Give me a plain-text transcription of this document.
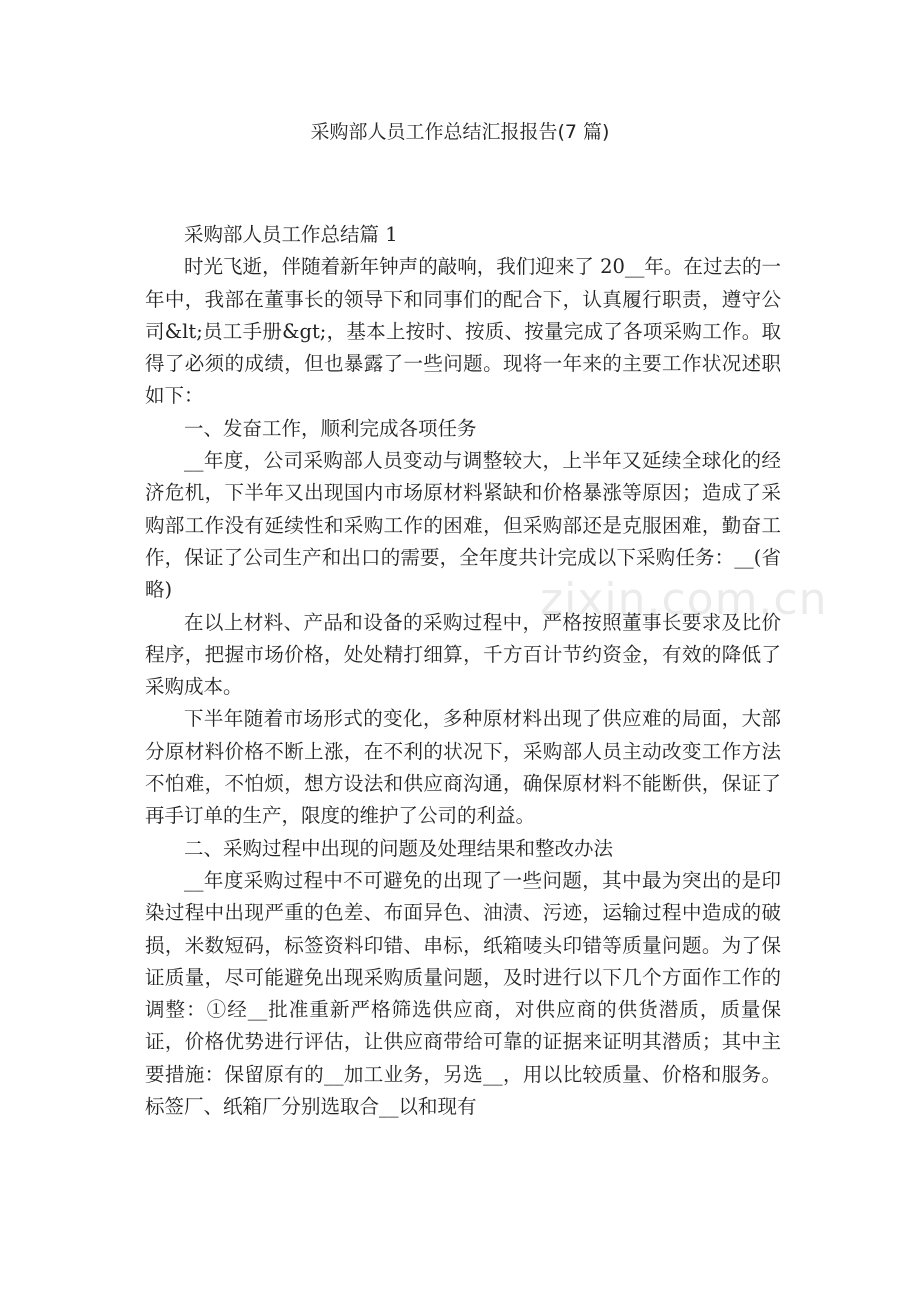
采购部人员工作总结汇报报告(7 篇)

采购部人员工作总结篇 1

时光飞逝，伴随着新年钟声的敲响，我们迎来了 20__年。在过去的一年中，我部在董事长的领导下和同事们的配合下，认真履行职责，遵守公司&lt;员工手册&gt;，基本上按时、按质、按量完成了各项采购工作。取得了必须的成绩，但也暴露了一些问题。现将一年来的主要工作状况述职如下：

一、发奋工作，顺利完成各项任务

__年度，公司采购部人员变动与调整较大，上半年又延续全球化的经济危机，下半年又出现国内市场原材料紧缺和价格暴涨等原因；造成了采购部工作没有延续性和采购工作的困难，但采购部还是克服困难，勤奋工作，保证了公司生产和出口的需要，全年度共计完成以下采购任务：__(省略)

在以上材料、产品和设备的采购过程中，严格按照董事长要求及比价程序，把握市场价格，处处精打细算，千方百计节约资金，有效的降低了采购成本。

下半年随着市场形式的变化，多种原材料出现了供应难的局面，大部分原材料价格不断上涨，在不利的状况下，采购部人员主动改变工作方法不怕难，不怕烦，想方设法和供应商沟通，确保原材料不能断供，保证了再手订单的生产，限度的维护了公司的利益。

二、采购过程中出现的问题及处理结果和整改办法

__年度采购过程中不可避免的出现了一些问题，其中最为突出的是印染过程中出现严重的色差、布面异色、油渍、污迹，运输过程中造成的破损，米数短码，标签资料印错、串标，纸箱唛头印错等质量问题。为了保证质量，尽可能避免出现采购质量问题，及时进行以下几个方面作工作的调整：①经__批准重新严格筛选供应商，对供应商的供货潜质，质量保证，价格优势进行评估，让供应商带给可靠的证据来证明其潜质；其中主要措施：保留原有的__加工业务，另选__，用以比较质量、价格和服务。标签厂、纸箱厂分别选取合__以和现有

zixin.com.cn
